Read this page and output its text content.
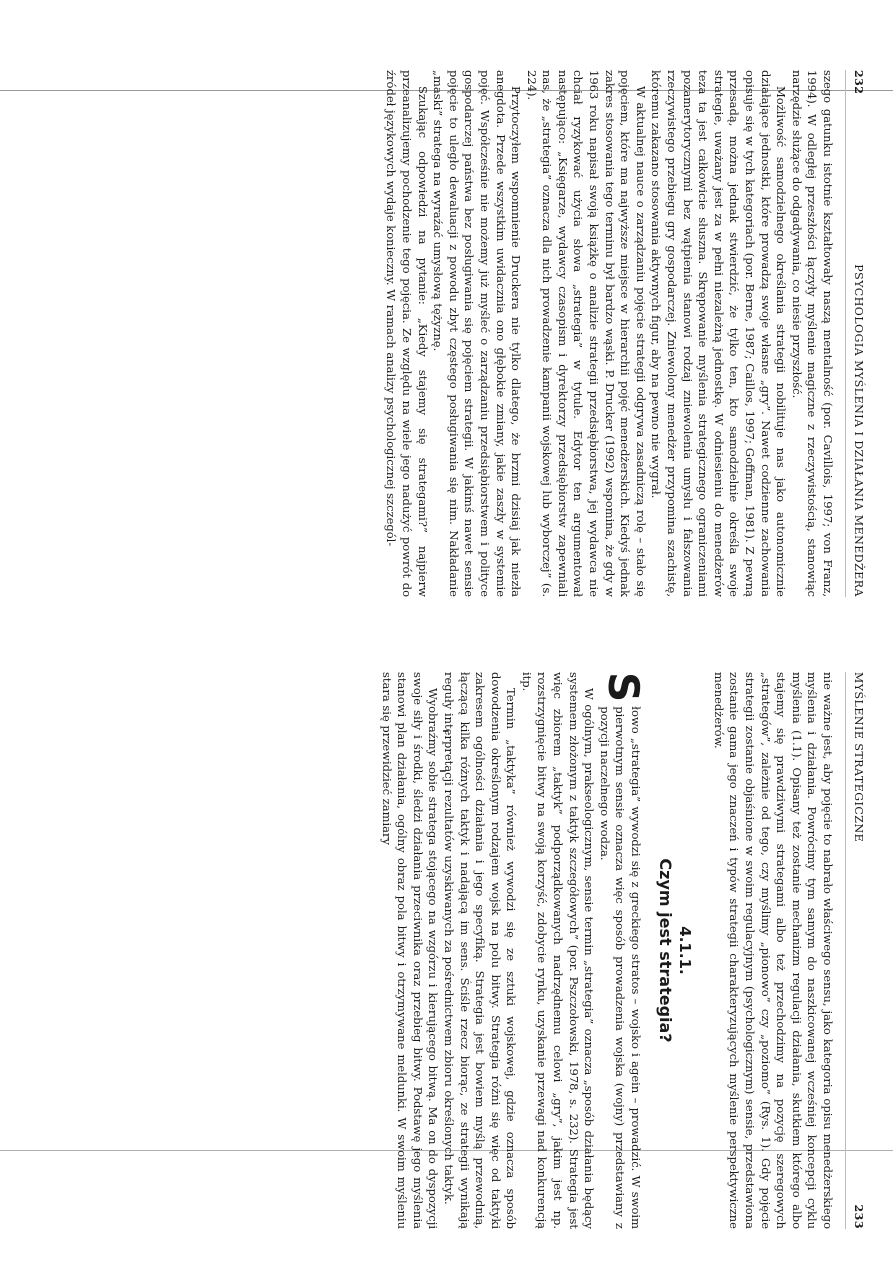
232
PSYCHOLOGIA MYŚLENIA I DZIAŁANIA MENEDŻERA

szego gatunku istotnie kształtowały naszą mentalność (por. Cavillois, 1997; von Franz, 1994). W odległej przeszłości łączyły myślenie magiczne z rzeczywistością, stanowiąc narzędzie służące do odgadywania, co niesie przyszłość.

Możliwość samodzielnego określania strategii nobilituje nas jako autonomicznie działające jednostki, które prowadzą swoje własne „gry”. Nawet codzienne zachowania opisuje się w tych kategoriach (por. Berne, 1987; Caillos, 1997; Goffman, 1981). Z pewną przesadą, można jednak stwierdzić, że tylko ten, kto samodzielnie określa swoje strategie, uważany jest za w pełni niezależną jednostkę. W odniesieniu do menedżerów teza ta jest całkowicie słuszna. Skrępowanie myślenia strategicznego ograniczeniami pozamerytorycznymi bez wątpienia stanowi rodzaj zniewolenia umysłu i fałszowania rzeczywistego przebiegu gry gospodarczej. Zniewolony menedżer przypomina szachistę, któremu zakazano stosowania aktywnych figur, aby na pewno nie wygrał.

W aktualnej nauce o zarządzaniu pojęcie strategii odgrywa zasadniczą rolę – stało się pojęciem, które ma najwyższe miejsce w hierarchii pojęć menedżerskich. Kiedyś jednak zakres stosowania tego terminu był bardzo wąski. P. Drucker (1992) wspomina, że gdy w 1963 roku napisał swoją książkę o analizie strategii przedsiębiorstwa, jej wydawca nie chciał ryzykować użycia słowa „strategia” w tytule. Edytor ten argumentował następująco: „Księgarze, wydawcy czasopism i dyrektorzy przedsiębiorstw zapewniali nas, że „strategia” oznacza dla nich prowadzenie kampanii wojskowej lub wyborczej” (s. 224).

Przytoczyłem wspomnienie Druckera nie tylko dlatego, że brzmi dzisiaj jak niezła anegdota. Przede wszystkim uwidacznia ono głębokie zmiany, jakie zaszły w systemie pojęć. Współcześnie nie możemy już myśleć o zarządzaniu przedsiębiorstwem i polityce gospodarczej państwa bez posługiwania się pojęciem strategii. W jakimś nawet sensie pojęcie to uległo dewaluacji z powodu zbyt częstego posługiwania się nim. Nakładanie „maski” stratega na wyraźać umysłową tężyznę.

Szukając odpowiedzi na pytanie: „Kiedy stajemy się strategami?” najpierw przeanalizujemy pochodzenie tego pojęcia. Ze względu na wiele jego nadużyć powrót do źródeł językowych wydaje konieczny. W ramach analizy psychologicznej szczegól-

MYŚLENIE STRATEGICZNE
233

nie ważne jest, aby pojęcie to nabrało właściwego sensu, jako kategoria opisu menedżerskiego myślenia i działania. Powrócimy tym samym do naszkicowanej wcześniej koncepcji cyklu myślenia (1.1). Opisany też zostanie mechanizm regulacji działania, skutkiem którego albo stajemy się prawdziwymi strategami albo też przechodzimy na pozycję szeregowych „strategów”, zależnie od tego, czy myślimy „pionowo” czy „poziomo” (Rys. 1). Gdy pojęcie strategii zostanie objaśnione w swoim regulacyjnym (psychologicznym) sensie, przedstawiona zostanie gama jego znaczeń i typów strategii charakteryzujących myślenie perspektywiczne menedżerów.

4.1.1.
Czym jest strategia?

S
łowo „strategia” wywodzi się z greckiego stratos – wojsko i agein – prowadzić. W swoim pierwotnym sensie oznacza więc sposób prowadzenia wojska (wojny) przedstawiany z pozycji naczelnego wodza.

W ogólnym, prakseologicznym, sensie termin „strategia” oznacza „sposób działania będący systemem złożonym z taktyk szczegółowych” (por. Pszczołowski, 1978, s. 232). Strategia jest więc zbiorem „taktyk” podporządkowanych nadrzędnemu celowi „gry”, jakim jest np. rozstrzygnięcie bitwy na swoją korzyść, zdobycie rynku, uzyskanie przewagi nad konkurencją itp.

Termin „taktyka” również wywodzi się ze sztuki wojskowej, gdzie oznacza sposób dowodzenia określonym rodzajem wojsk na polu bitwy. Strategia różni się więc od taktyki zakresem ogólności działania i jego specyfiką. Strategia jest bowiem myślą przewodnią, łączącą kilka różnych taktyk i nadającą im sens. Ściśle rzecz biorąc, ze strategii wynikają reguły interpretacji rezultatów uzyskiwanych za pośrednictwem zbioru określonych taktyk.

Wyobraźmy sobie stratega stojącego na wzgórzu i kierującego bitwą. Ma on do dyspozycji swoje siły i środki, śledzi działania przeciwnika oraz przebieg bitwy. Podstawę jego myślenia stanowi plan działania, ogólny obraz pola bitwy i otrzymywane meldunki. W swoim myśleniu stara się przewidzieć zamiary
